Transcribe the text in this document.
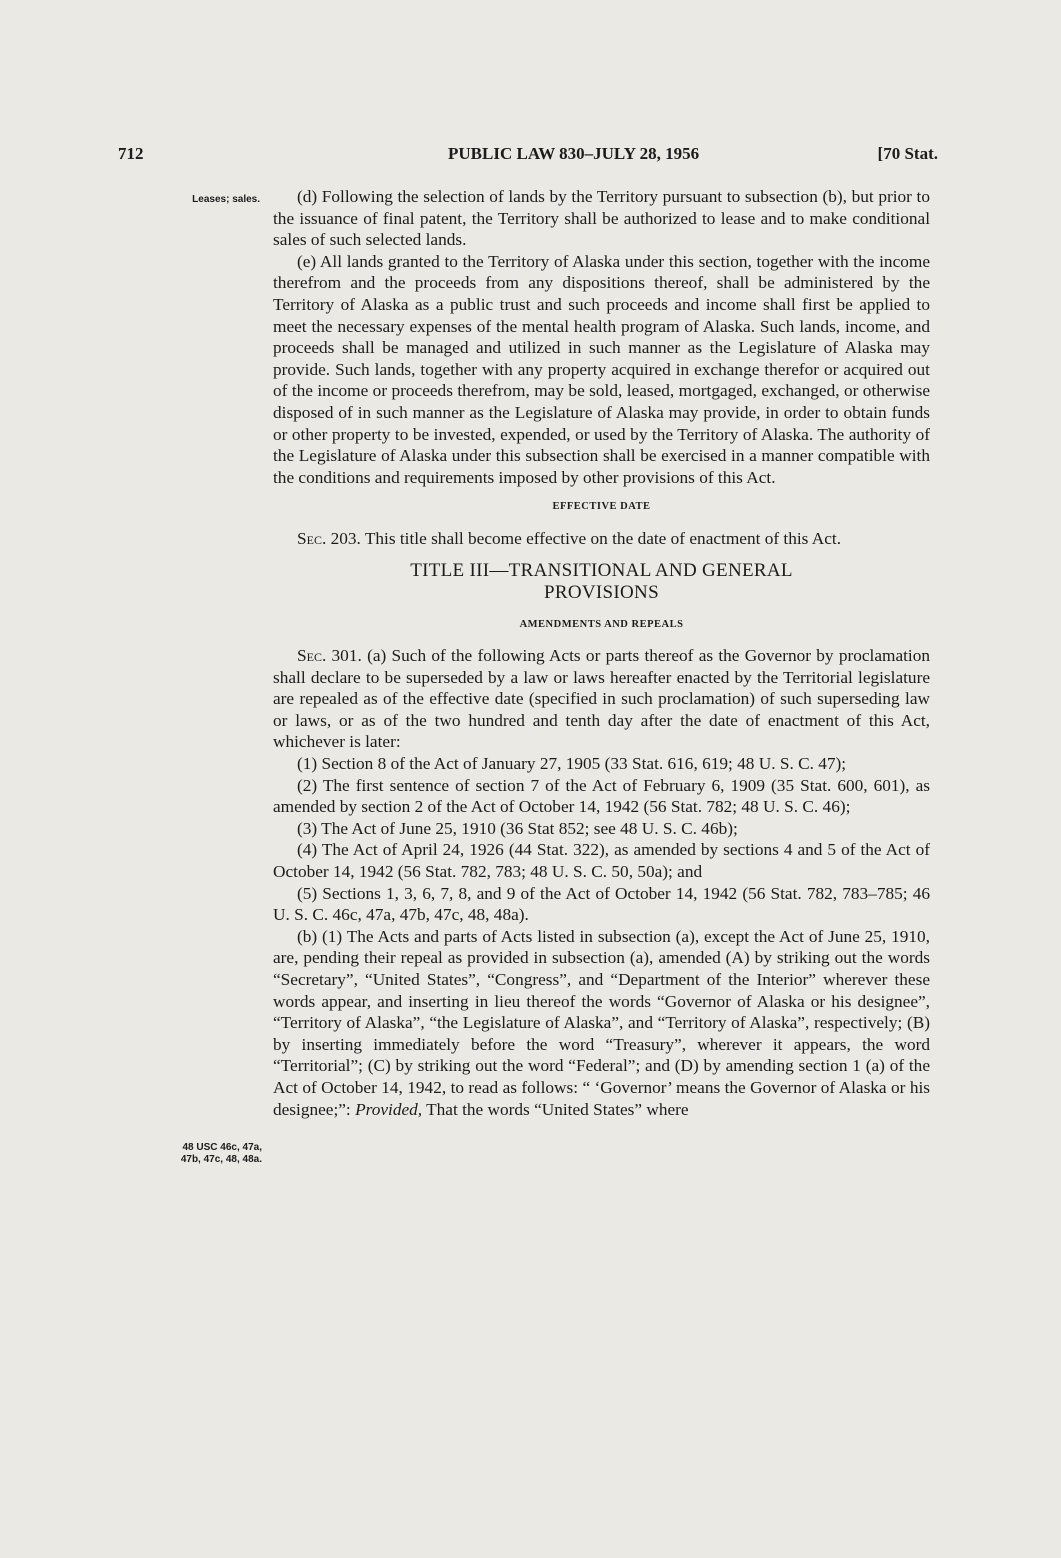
712	PUBLIC LAW 830–JULY 28, 1956	[70 Stat.
Leases; sales.
48 USC 46c, 47a,
47b, 47c, 48, 48a.

(d) Following the selection of lands by the Territory pursuant to subsection (b), but prior to the issuance of final patent, the Territory shall be authorized to lease and to make conditional sales of such selected lands.

(e) All lands granted to the Territory of Alaska under this section, together with the income therefrom and the proceeds from any dispositions thereof, shall be administered by the Territory of Alaska as a public trust and such proceeds and income shall first be applied to meet the necessary expenses of the mental health program of Alaska. Such lands, income, and proceeds shall be managed and utilized in such manner as the Legislature of Alaska may provide. Such lands, together with any property acquired in exchange therefor or acquired out of the income or proceeds therefrom, may be sold, leased, mortgaged, exchanged, or otherwise disposed of in such manner as the Legislature of Alaska may provide, in order to obtain funds or other property to be invested, expended, or used by the Territory of Alaska. The authority of the Legislature of Alaska under this subsection shall be exercised in a manner compatible with the conditions and requirements imposed by other provisions of this Act.

EFFECTIVE DATE

Sec. 203. This title shall become effective on the date of enactment of this Act.

TITLE III—TRANSITIONAL AND GENERAL
PROVISIONS
AMENDMENTS AND REPEALS

Sec. 301. (a) Such of the following Acts or parts thereof as the Governor by proclamation shall declare to be superseded by a law or laws hereafter enacted by the Territorial legislature are repealed as of the effective date (specified in such proclamation) of such superseding law or laws, or as of the two hundred and tenth day after the date of enactment of this Act, whichever is later:

(1) Section 8 of the Act of January 27, 1905 (33 Stat. 616, 619; 48 U. S. C. 47);

(2) The first sentence of section 7 of the Act of February 6, 1909 (35 Stat. 600, 601), as amended by section 2 of the Act of October 14, 1942 (56 Stat. 782; 48 U. S. C. 46);

(3) The Act of June 25, 1910 (36 Stat 852; see 48 U. S. C. 46b);

(4) The Act of April 24, 1926 (44 Stat. 322), as amended by sections 4 and 5 of the Act of October 14, 1942 (56 Stat. 782, 783; 48 U. S. C. 50, 50a); and

(5) Sections 1, 3, 6, 7, 8, and 9 of the Act of October 14, 1942 (56 Stat. 782, 783–785; 46 U. S. C. 46c, 47a, 47b, 47c, 48, 48a).

(b) (1) The Acts and parts of Acts listed in subsection (a), except the Act of June 25, 1910, are, pending their repeal as provided in subsection (a), amended (A) by striking out the words “Secretary”, “United States”, “Congress”, and “Department of the Interior” wherever these words appear, and inserting in lieu thereof the words “Governor of Alaska or his designee”, “Territory of Alaska”, “the Legislature of Alaska”, and “Territory of Alaska”, respectively; (B) by inserting immediately before the word “Treasury”, wherever it appears, the word “Territorial”; (C) by striking out the word “Federal”; and (D) by amending section 1 (a) of the Act of October 14, 1942, to read as follows: “ ‘Governor’ means the Governor of Alaska or his designee;”: Provided, That the words “United States” where
